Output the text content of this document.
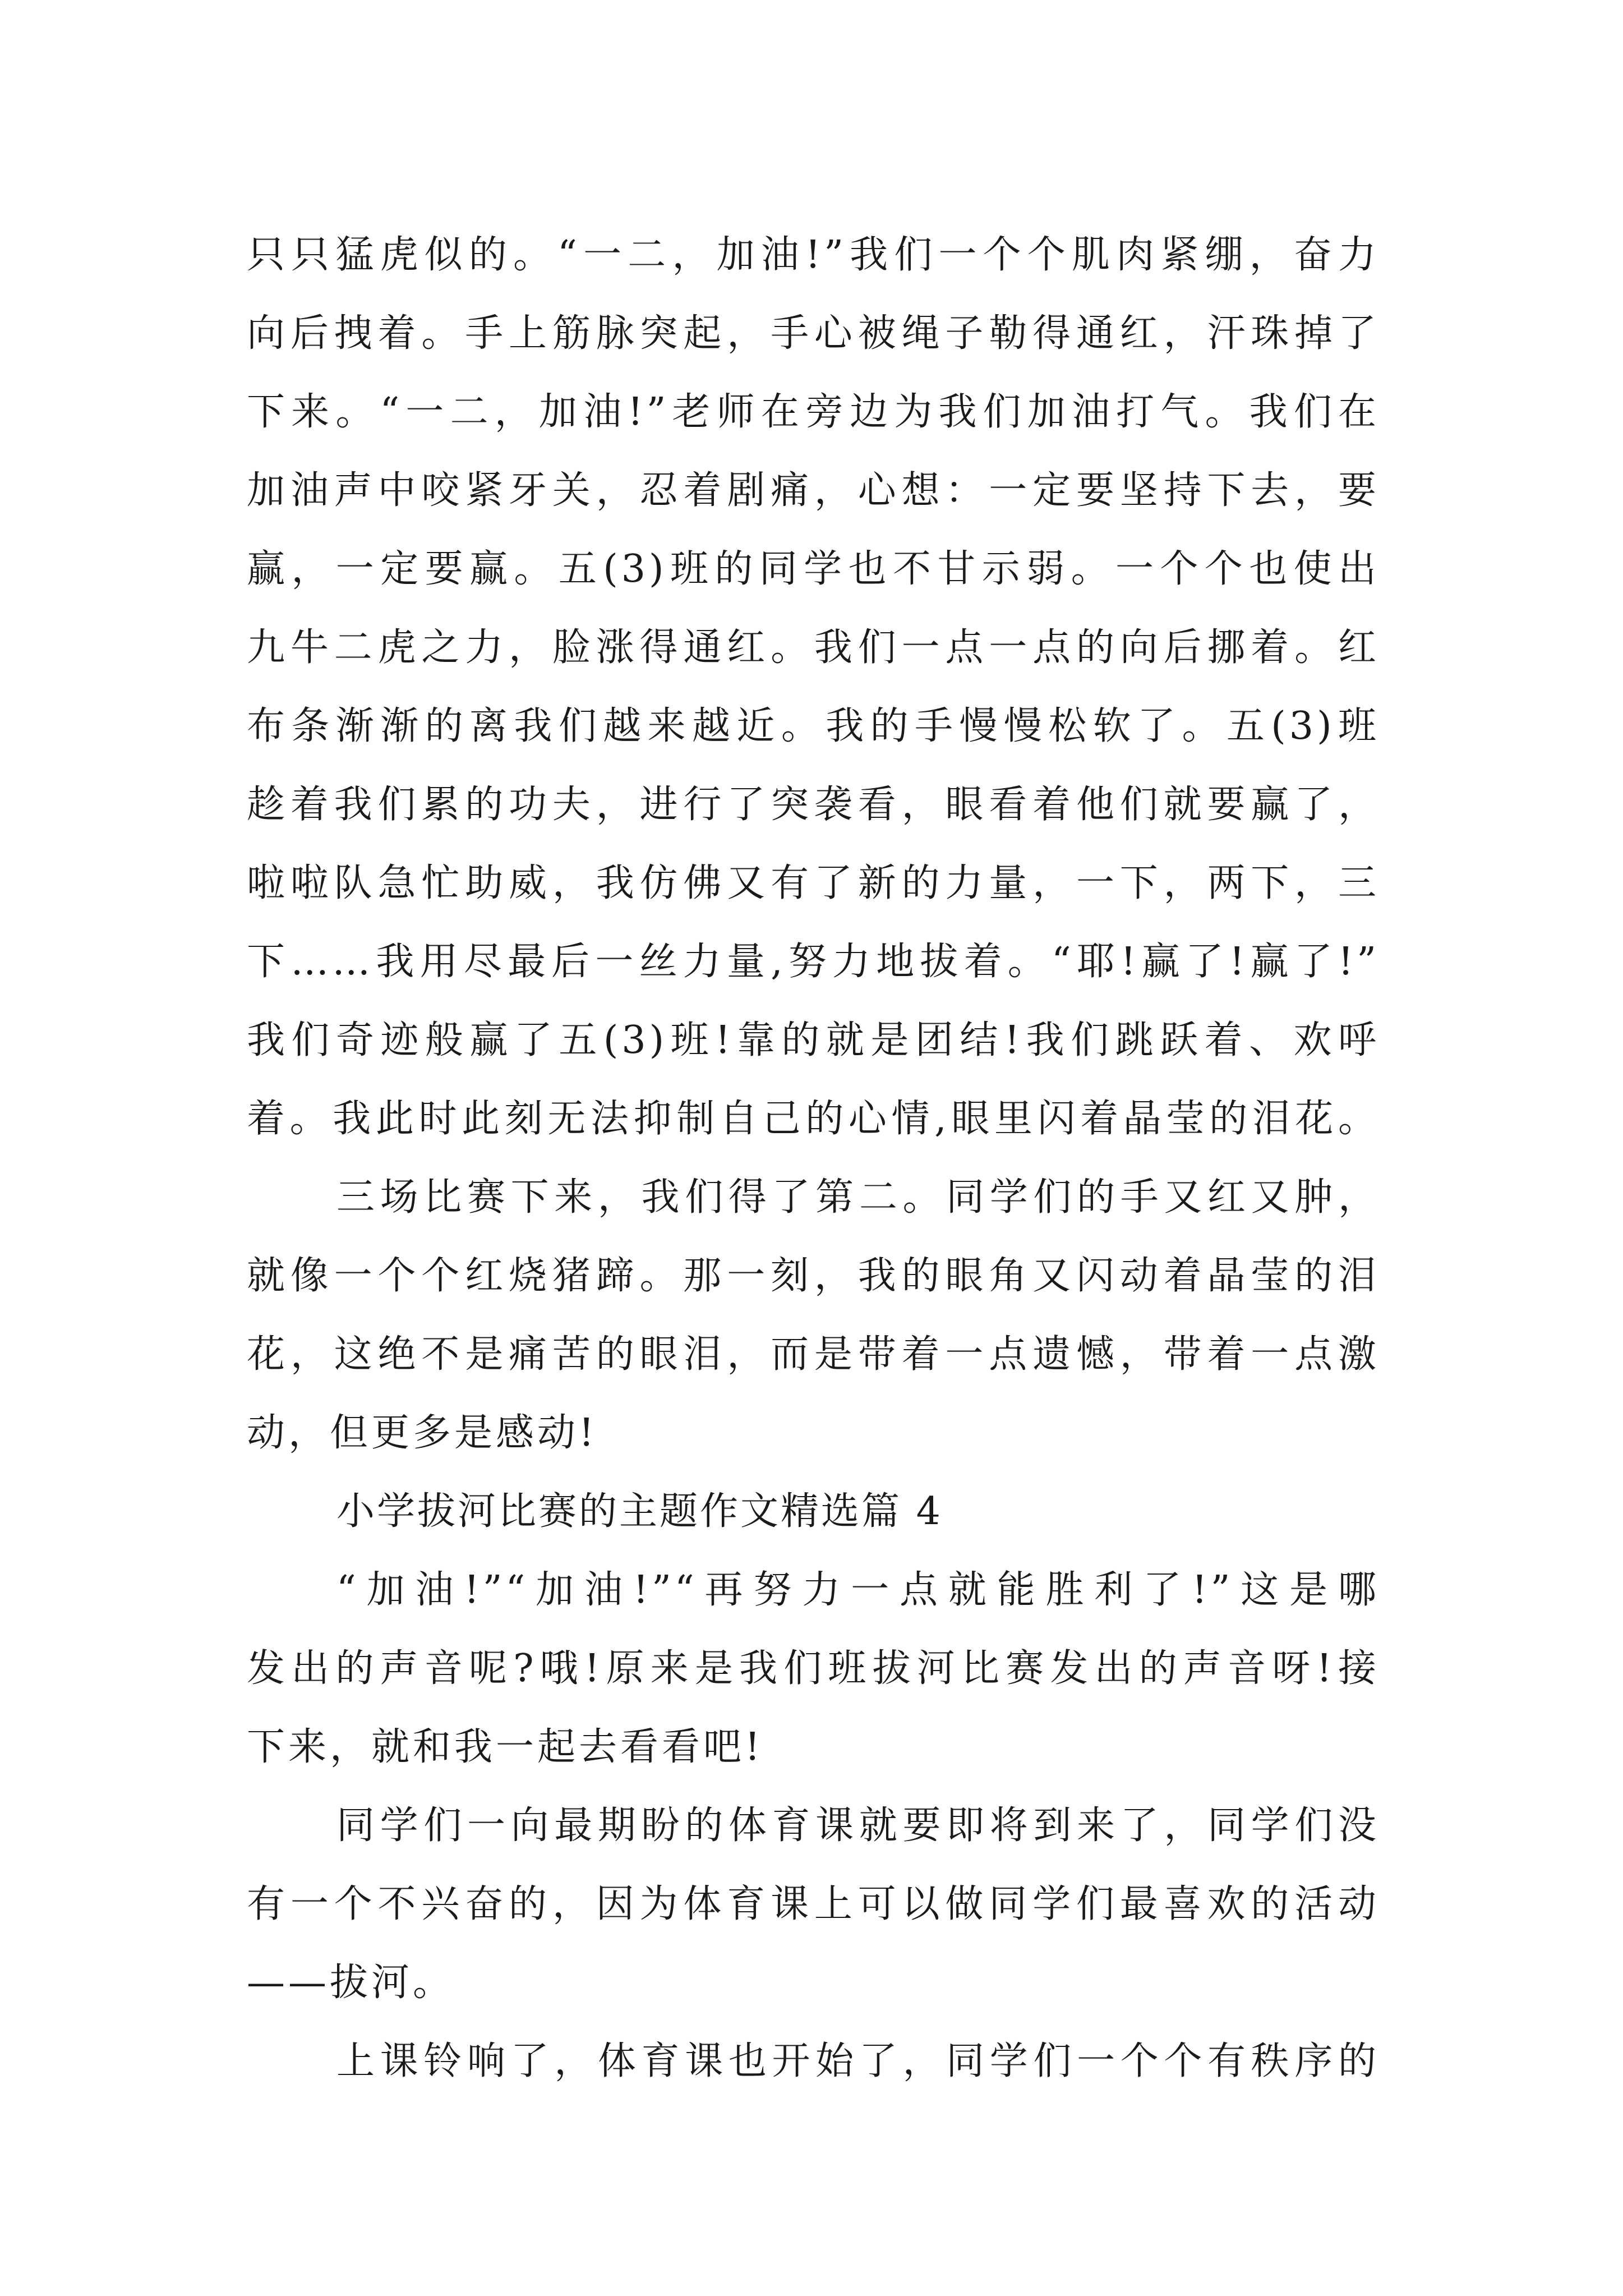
只只猛虎似的。“一二，加油!”我们一个个肌肉紧绷，奋力
向后拽着。手上筋脉突起，手心被绳子勒得通红，汗珠掉了
下来。“一二，加油!”老师在旁边为我们加油打气。我们在
加油声中咬紧牙关，忍着剧痛，心想：一定要坚持下去，要
赢，一定要赢。五(3)班的同学也不甘示弱。一个个也使出
九牛二虎之力，脸涨得通红。我们一点一点的向后挪着。红
布条渐渐的离我们越来越近。我的手慢慢松软了。五(3)班
趁着我们累的功夫，进行了突袭看，眼看着他们就要赢了，
啦啦队急忙助威，我仿佛又有了新的力量，一下，两下，三
下……我用尽最后一丝力量,努力地拔着。“耶!赢了!赢了!”
我们奇迹般赢了五(3)班!靠的就是团结!我们跳跃着、欢呼
着。我此时此刻无法抑制自己的心情,眼里闪着晶莹的泪花。
三场比赛下来，我们得了第二。同学们的手又红又肿，
就像一个个红烧猪蹄。那一刻，我的眼角又闪动着晶莹的泪
花，这绝不是痛苦的眼泪，而是带着一点遗憾，带着一点激
动，但更多是感动!
小学拔河比赛的主题作文精选篇 4
“加油!”“加油!”“再努力一点就能胜利了!”这是哪
发出的声音呢?哦!原来是我们班拔河比赛发出的声音呀!接
下来，就和我一起去看看吧!
同学们一向最期盼的体育课就要即将到来了，同学们没
有一个不兴奋的，因为体育课上可以做同学们最喜欢的活动
——拔河。
上课铃响了，体育课也开始了，同学们一个个有秩序的
